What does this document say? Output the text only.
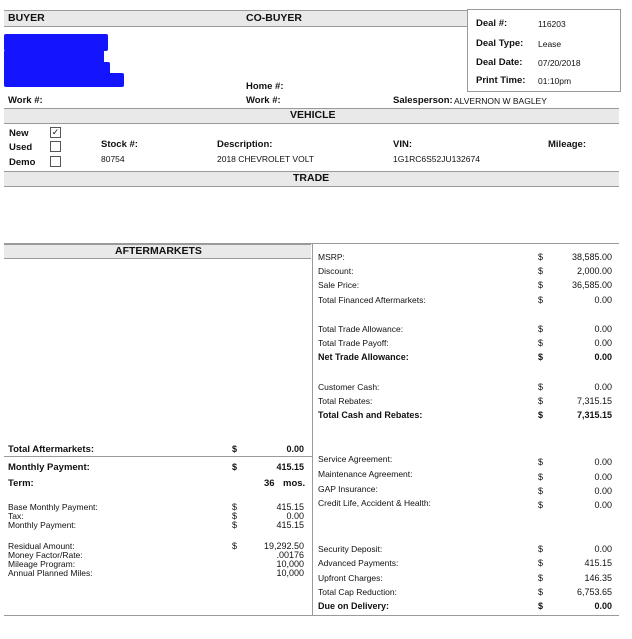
BUYER	CO-BUYER
Home #:
Work #:
Work #:	Salesperson: ALVERNON W BAGLEY
Deal #:	116203
Deal Type: Lease
Deal Date: 07/20/2018
Print Time: 01:10pm
VEHICLE
New	✓
Used
Demo
Stock #:
80754
Description:
2018 CHEVROLET VOLT
VIN:
1G1RC6S52JU132674
Mileage:
TRADE
AFTERMARKETS
Total Aftermarkets:	$	0.00
Monthly Payment:	$	415.15
Term:	36 mos.
Base Monthly Payment:	$	415.15
Tax:	$	0.00
Monthly Payment:	$	415.15
Residual Amount:	$	19,292.50
Money Factor/Rate:	.00176
Mileage Program:	10,000
Annual Planned Miles:	10,000
MSRP:	$	38,585.00
Discount:	$	2,000.00
Sale Price:	$	36,585.00
Total Financed Aftermarkets:	$	0.00
Total Trade Allowance:	$	0.00
Total Trade Payoff:	$	0.00
Net Trade Allowance:	$	0.00
Customer Cash:	$	0.00
Total Rebates:	$	7,315.15
Total Cash and Rebates:	$	7,315.15
Service Agreement:	$	0.00
Maintenance Agreement:	$	0.00
GAP Insurance:	$	0.00
Credit Life, Accident & Health:	$	0.00
Security Deposit:	$	0.00
Advanced Payments:	$	415.15
Upfront Charges:	$	146.35
Total Cap Reduction:	$	6,753.65
Due on Delivery:	$	0.00
